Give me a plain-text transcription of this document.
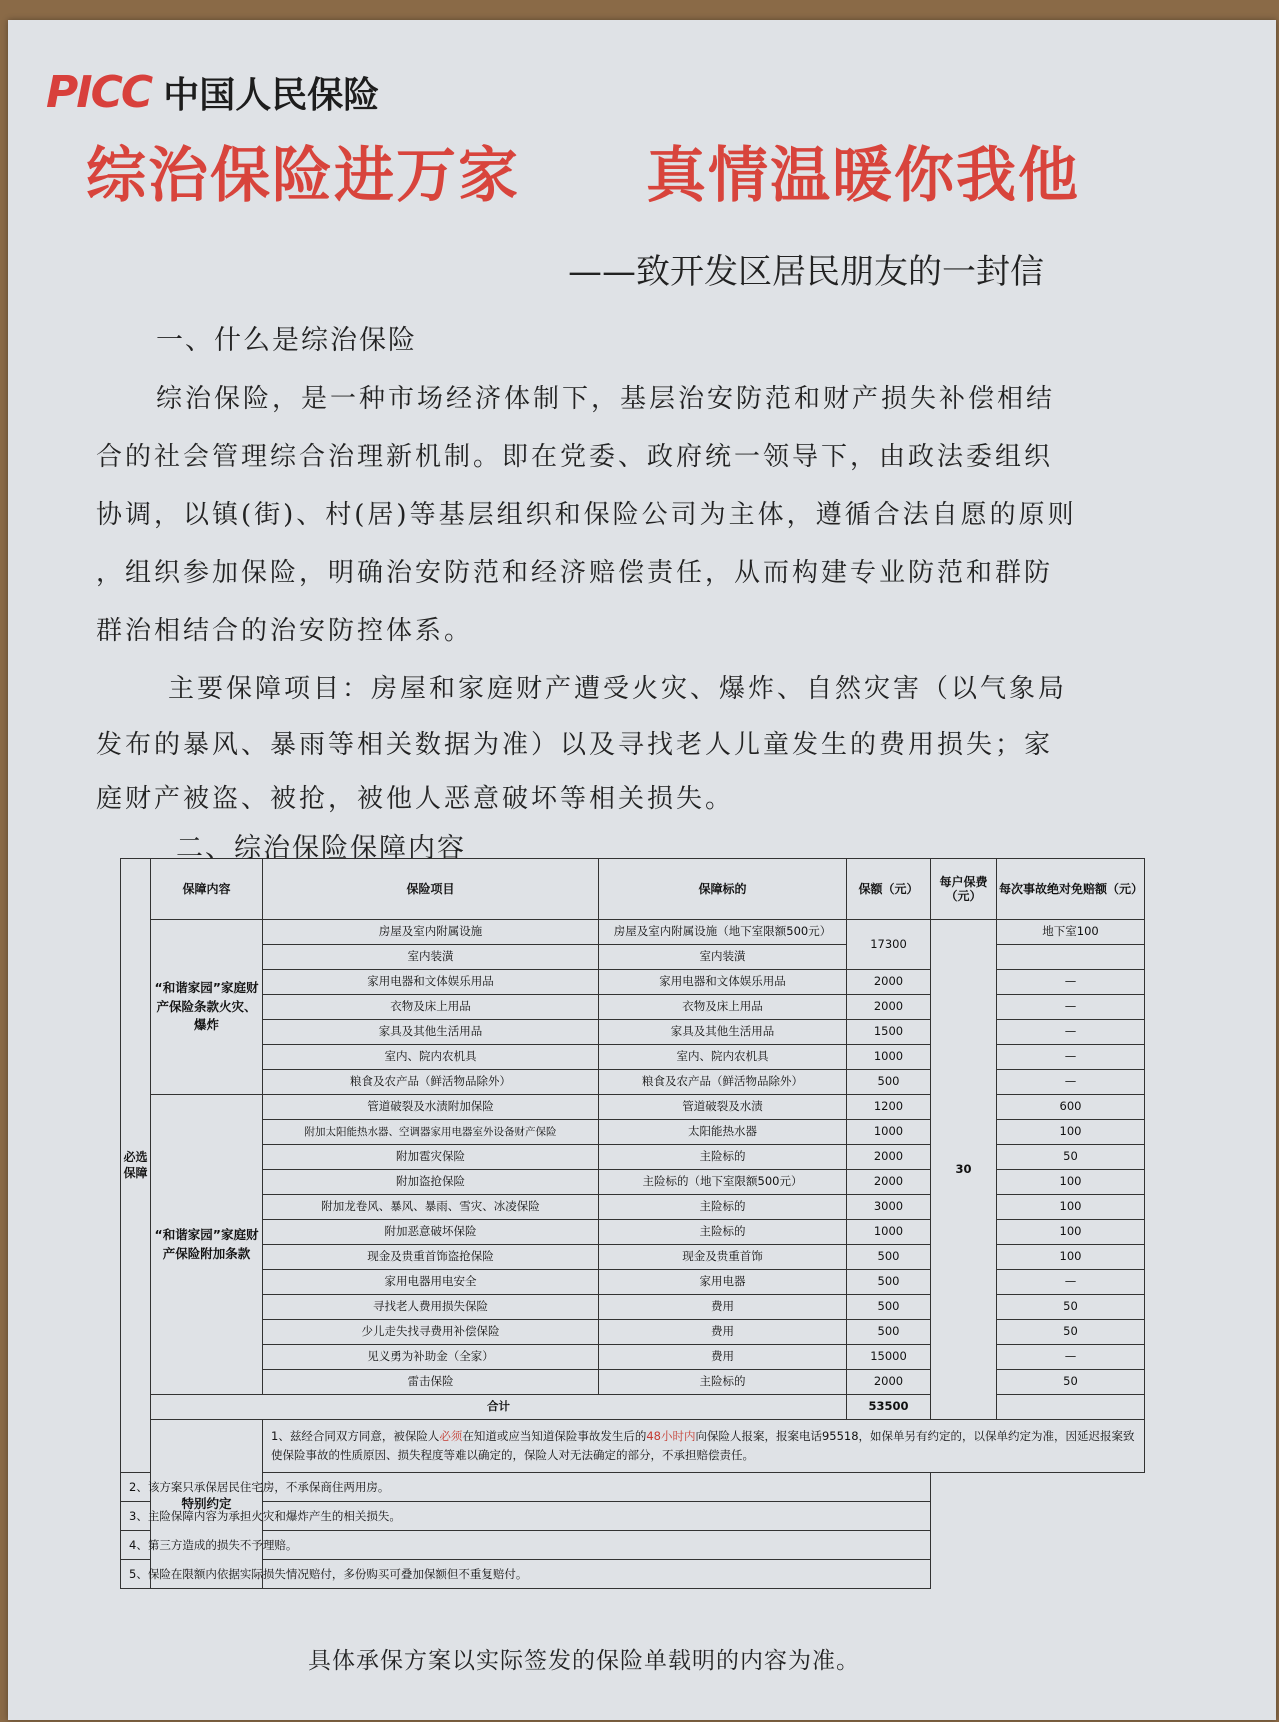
PICC 中国人民保险
综治保险进万家 真情温暖你我他
——致开发区居民朋友的一封信
一、什么是综治保险
综治保险，是一种市场经济体制下，基层治安防范和财产损失补偿相结
合的社会管理综合治理新机制。即在党委、政府统一领导下，由政法委组织
协调，以镇(街)、村(居)等基层组织和保险公司为主体，遵循合法自愿的原则
，组织参加保险，明确治安防范和经济赔偿责任，从而构建专业防范和群防
群治相结合的治安防控体系。
主要保障项目：房屋和家庭财产遭受火灾、爆炸、自然灾害（以气象局
发布的暴风、暴雨等相关数据为准）以及寻找老人儿童发生的费用损失；家
庭财产被盗、被抢，被他人恶意破坏等相关损失。
二、综治保险保障内容
必选保障	保障内容	保险项目	保障标的	保额（元）	每户保费（元）	每次事故绝对免赔额（元）	
	“和谐家园”家庭财产保险条款火灾、爆炸	房屋及室内附属设施	房屋及室内附属设施（地下室限额500元）	17300	30	地下室100	
		室内装潢	室内装潢				
		家用电器和文体娱乐用品	家用电器和文体娱乐用品	2000		—	
		衣物及床上用品	衣物及床上用品	2000		—	
		家具及其他生活用品	家具及其他生活用品	1500		—	
		室内、院内农机具	室内、院内农机具	1000		—	
		粮食及农产品（鲜活物品除外）	粮食及农产品（鲜活物品除外）	500		—	
	“和谐家园”家庭财产保险附加条款	管道破裂及水渍附加保险	管道破裂及水渍	1200		600	
		附加太阳能热水器、空调器家用电器室外设备财产保险	太阳能热水器	1000		100	
		附加雹灾保险	主险标的	2000		50	
		附加盗抢保险	主险标的（地下室限额500元）	2000		100	
		附加龙卷风、暴风、暴雨、雪灾、冰凌保险	主险标的	3000		100	
		附加恶意破坏保险	主险标的	1000		100	
		现金及贵重首饰盗抢保险	现金及贵重首饰	500		100	
		家用电器用电安全	家用电器	500		—	
		寻找老人费用损失保险	费用	500		50	
		少儿走失找寻费用补偿保险	费用	500		50	
		见义勇为补助金（全家）	费用	15000		—	
		雷击保险	主险标的	2000		50	
	合计			53500			
	特别约定	1、兹经合同双方同意，被保险人必须在知道或应当知道保险事故发生后的48小时内向保险人报案，报案电话95518，如保单另有约定的，以保单约定为准，因延迟报案致使保险事故的性质原因、损失程度等难以确定的，保险人对无法确定的部分，不承担赔偿责任。					
2、该方案只承保居民住宅房，不承保商住两用房。							
3、主险保障内容为承担火灾和爆炸产生的相关损失。							
4、第三方造成的损失不予理赔。							
5、保险在限额内依据实际损失情况赔付，多份购买可叠加保额但不重复赔付。							
具体承保方案以实际签发的保险单载明的内容为准。
